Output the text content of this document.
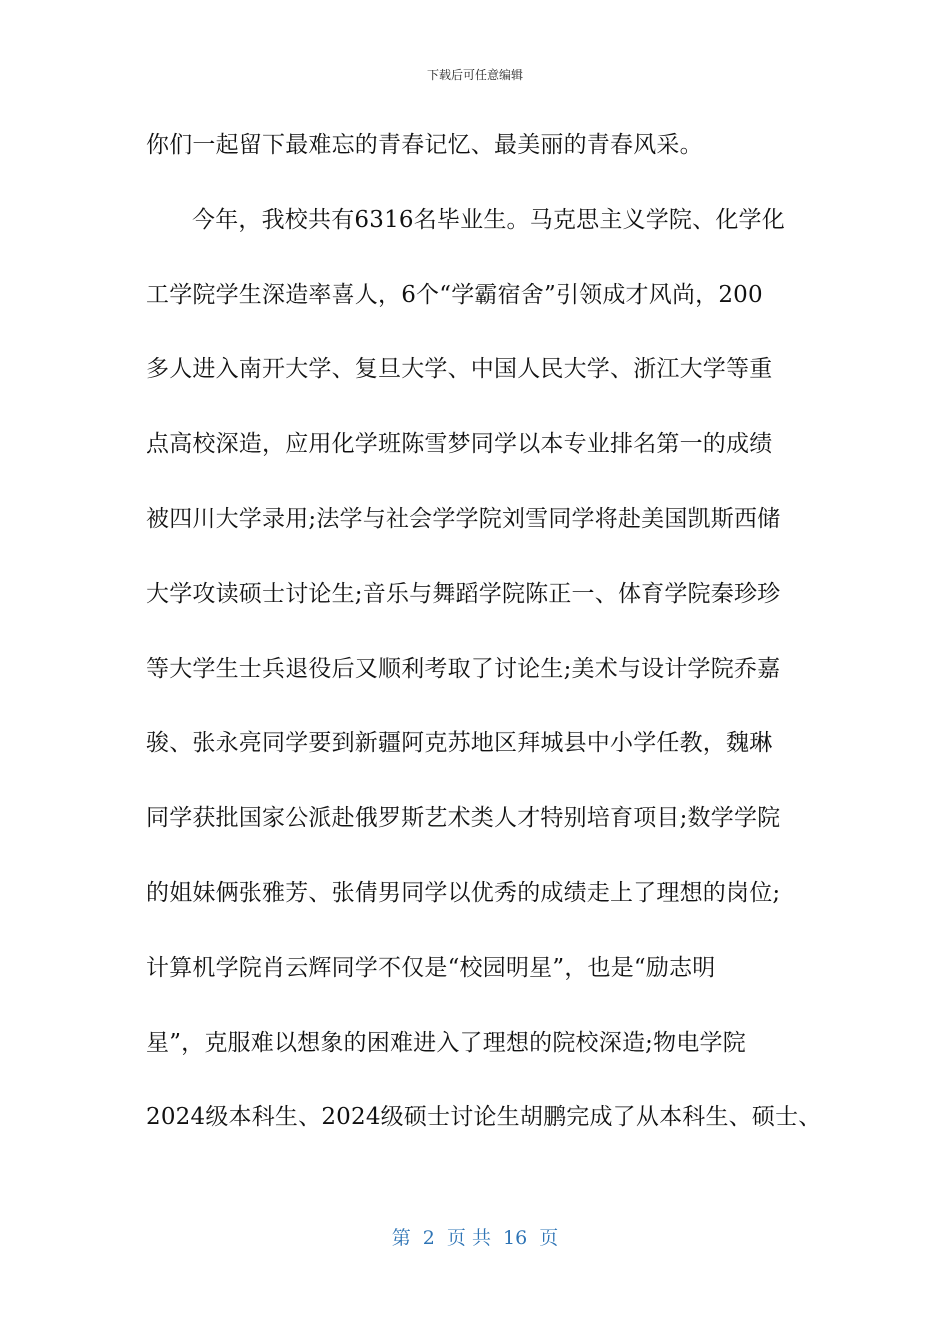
下载后可任意编辑
你们一起留下最难忘的青春记忆、最美丽的青春风采。
今年，我校共有6316名毕业生。马克思主义学院、化学化
工学院学生深造率喜人，6个“学霸宿舍”引领成才风尚，200
多人进入南开大学、复旦大学、中国人民大学、浙江大学等重
点高校深造，应用化学班陈雪梦同学以本专业排名第一的成绩
被四川大学录用;法学与社会学学院刘雪同学将赴美国凯斯西储
大学攻读硕士讨论生;音乐与舞蹈学院陈正一、体育学院秦珍珍
等大学生士兵退役后又顺利考取了讨论生;美术与设计学院乔嘉
骏、张永亮同学要到新疆阿克苏地区拜城县中小学任教，魏琳
同学获批国家公派赴俄罗斯艺术类人才特别培育项目;数学学院
的姐妹俩张雅芳、张倩男同学以优秀的成绩走上了理想的岗位;
计算机学院肖云辉同学不仅是“校园明星”，也是“励志明
星”，克服难以想象的困难进入了理想的院校深造;物电学院
2024级本科生、2024级硕士讨论生胡鹏完成了从本科生、硕士、
第  2  页 共  16  页
